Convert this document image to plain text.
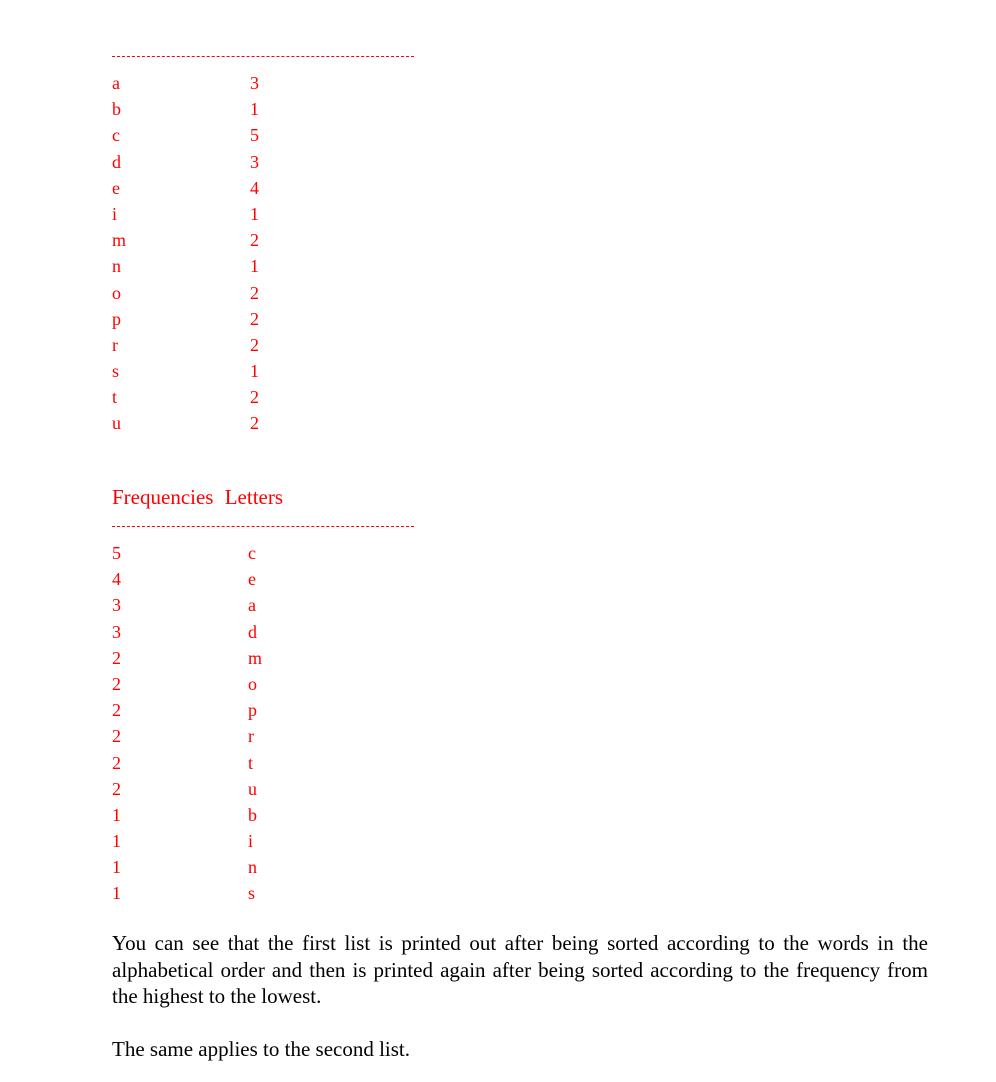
a
b
c
d
e
i
m
n
o
p
r
s
t
u
3
1
5
3
4
1
2
1
2
2
2
1
2
2
Frequencies Letters
5
4
3
3
2
2
2
2
2
2
1
1
1
1
c
e
a
d
m
o
p
r
t
u
b
i
n
s

You can see that the first list is printed out after being sorted according to the words in the alphabetical order and then is printed again after being sorted according to the frequency from the highest to the lowest.

The same applies to the second list.
